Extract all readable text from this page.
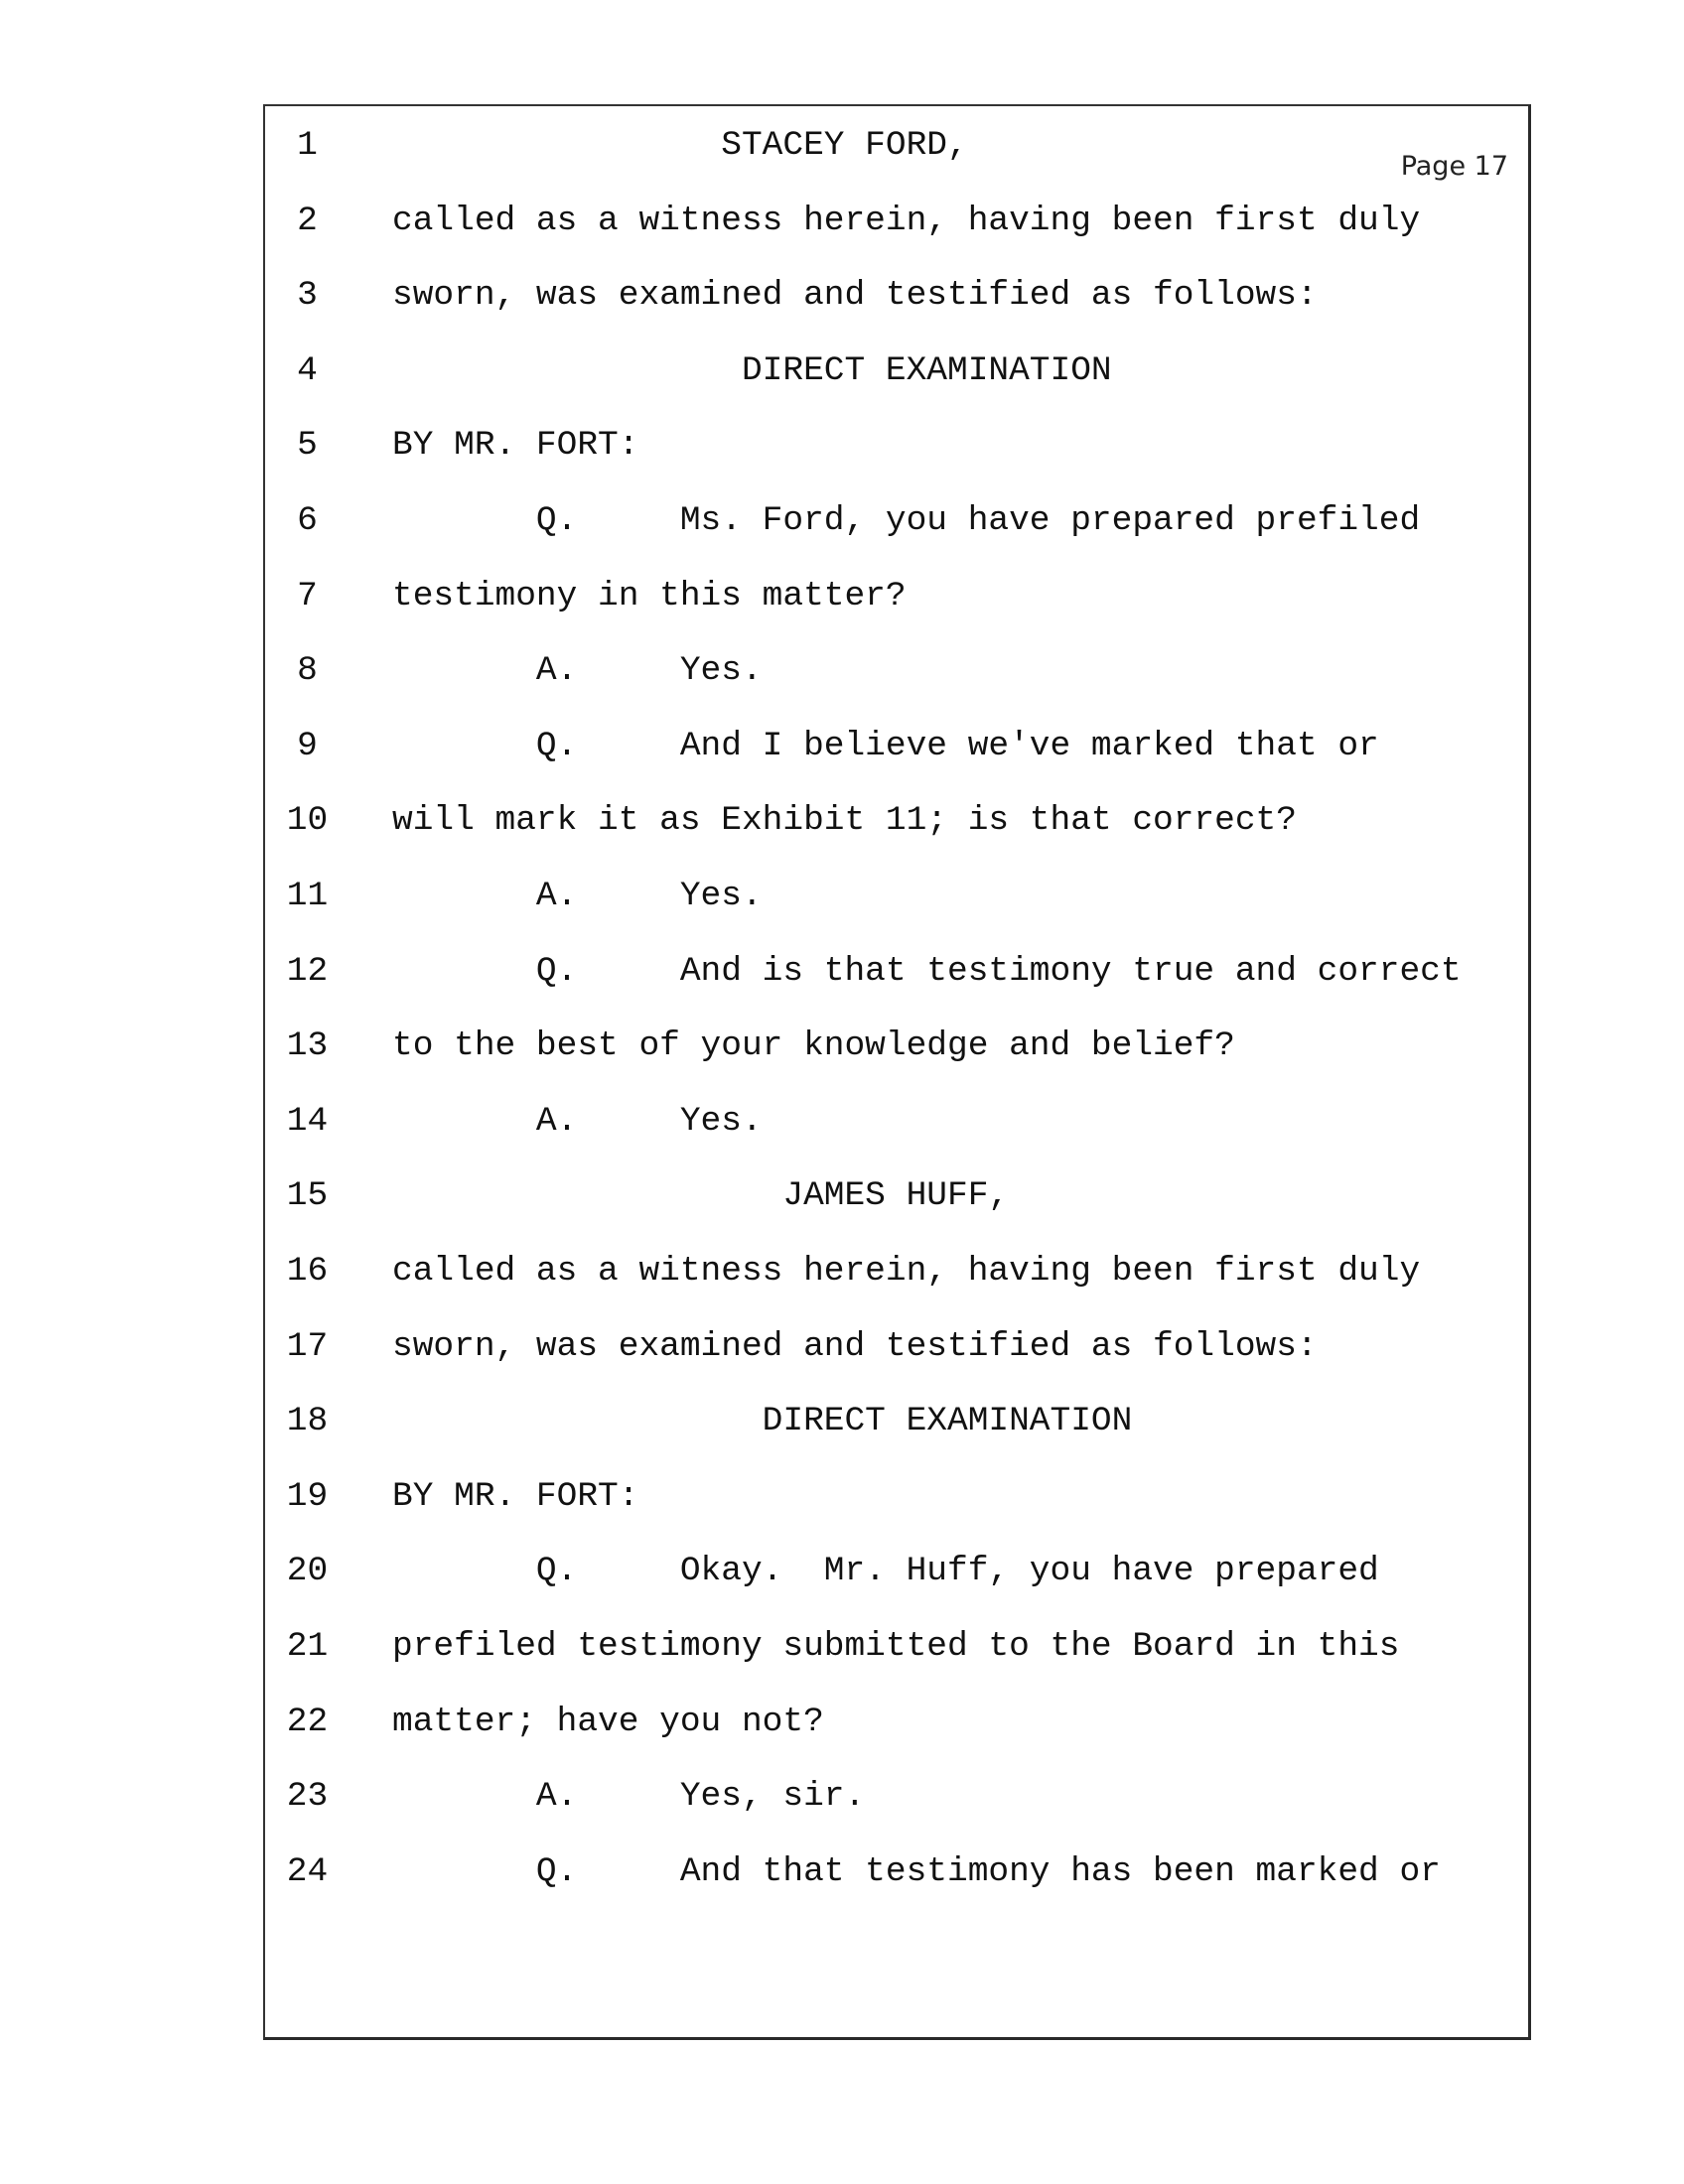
Page 17
1	STACEY FORD,
2	called as a witness herein, having been first duly
3	sworn, was examined and testified as follows:
4	DIRECT EXAMINATION
5	BY MR. FORT:
6	Q.     Ms. Ford, you have prepared prefiled
7	testimony in this matter?
8	A.     Yes.
9	Q.     And I believe we've marked that or
10	will mark it as Exhibit 11; is that correct?
11	A.     Yes.
12	Q.     And is that testimony true and correct
13	to the best of your knowledge and belief?
14	A.     Yes.
15	JAMES HUFF,
16	called as a witness herein, having been first duly
17	sworn, was examined and testified as follows:
18	DIRECT EXAMINATION
19	BY MR. FORT:
20	Q.     Okay.  Mr. Huff, you have prepared
21	prefiled testimony submitted to the Board in this
22	matter; have you not?
23	A.     Yes, sir.
24	Q.     And that testimony has been marked or
